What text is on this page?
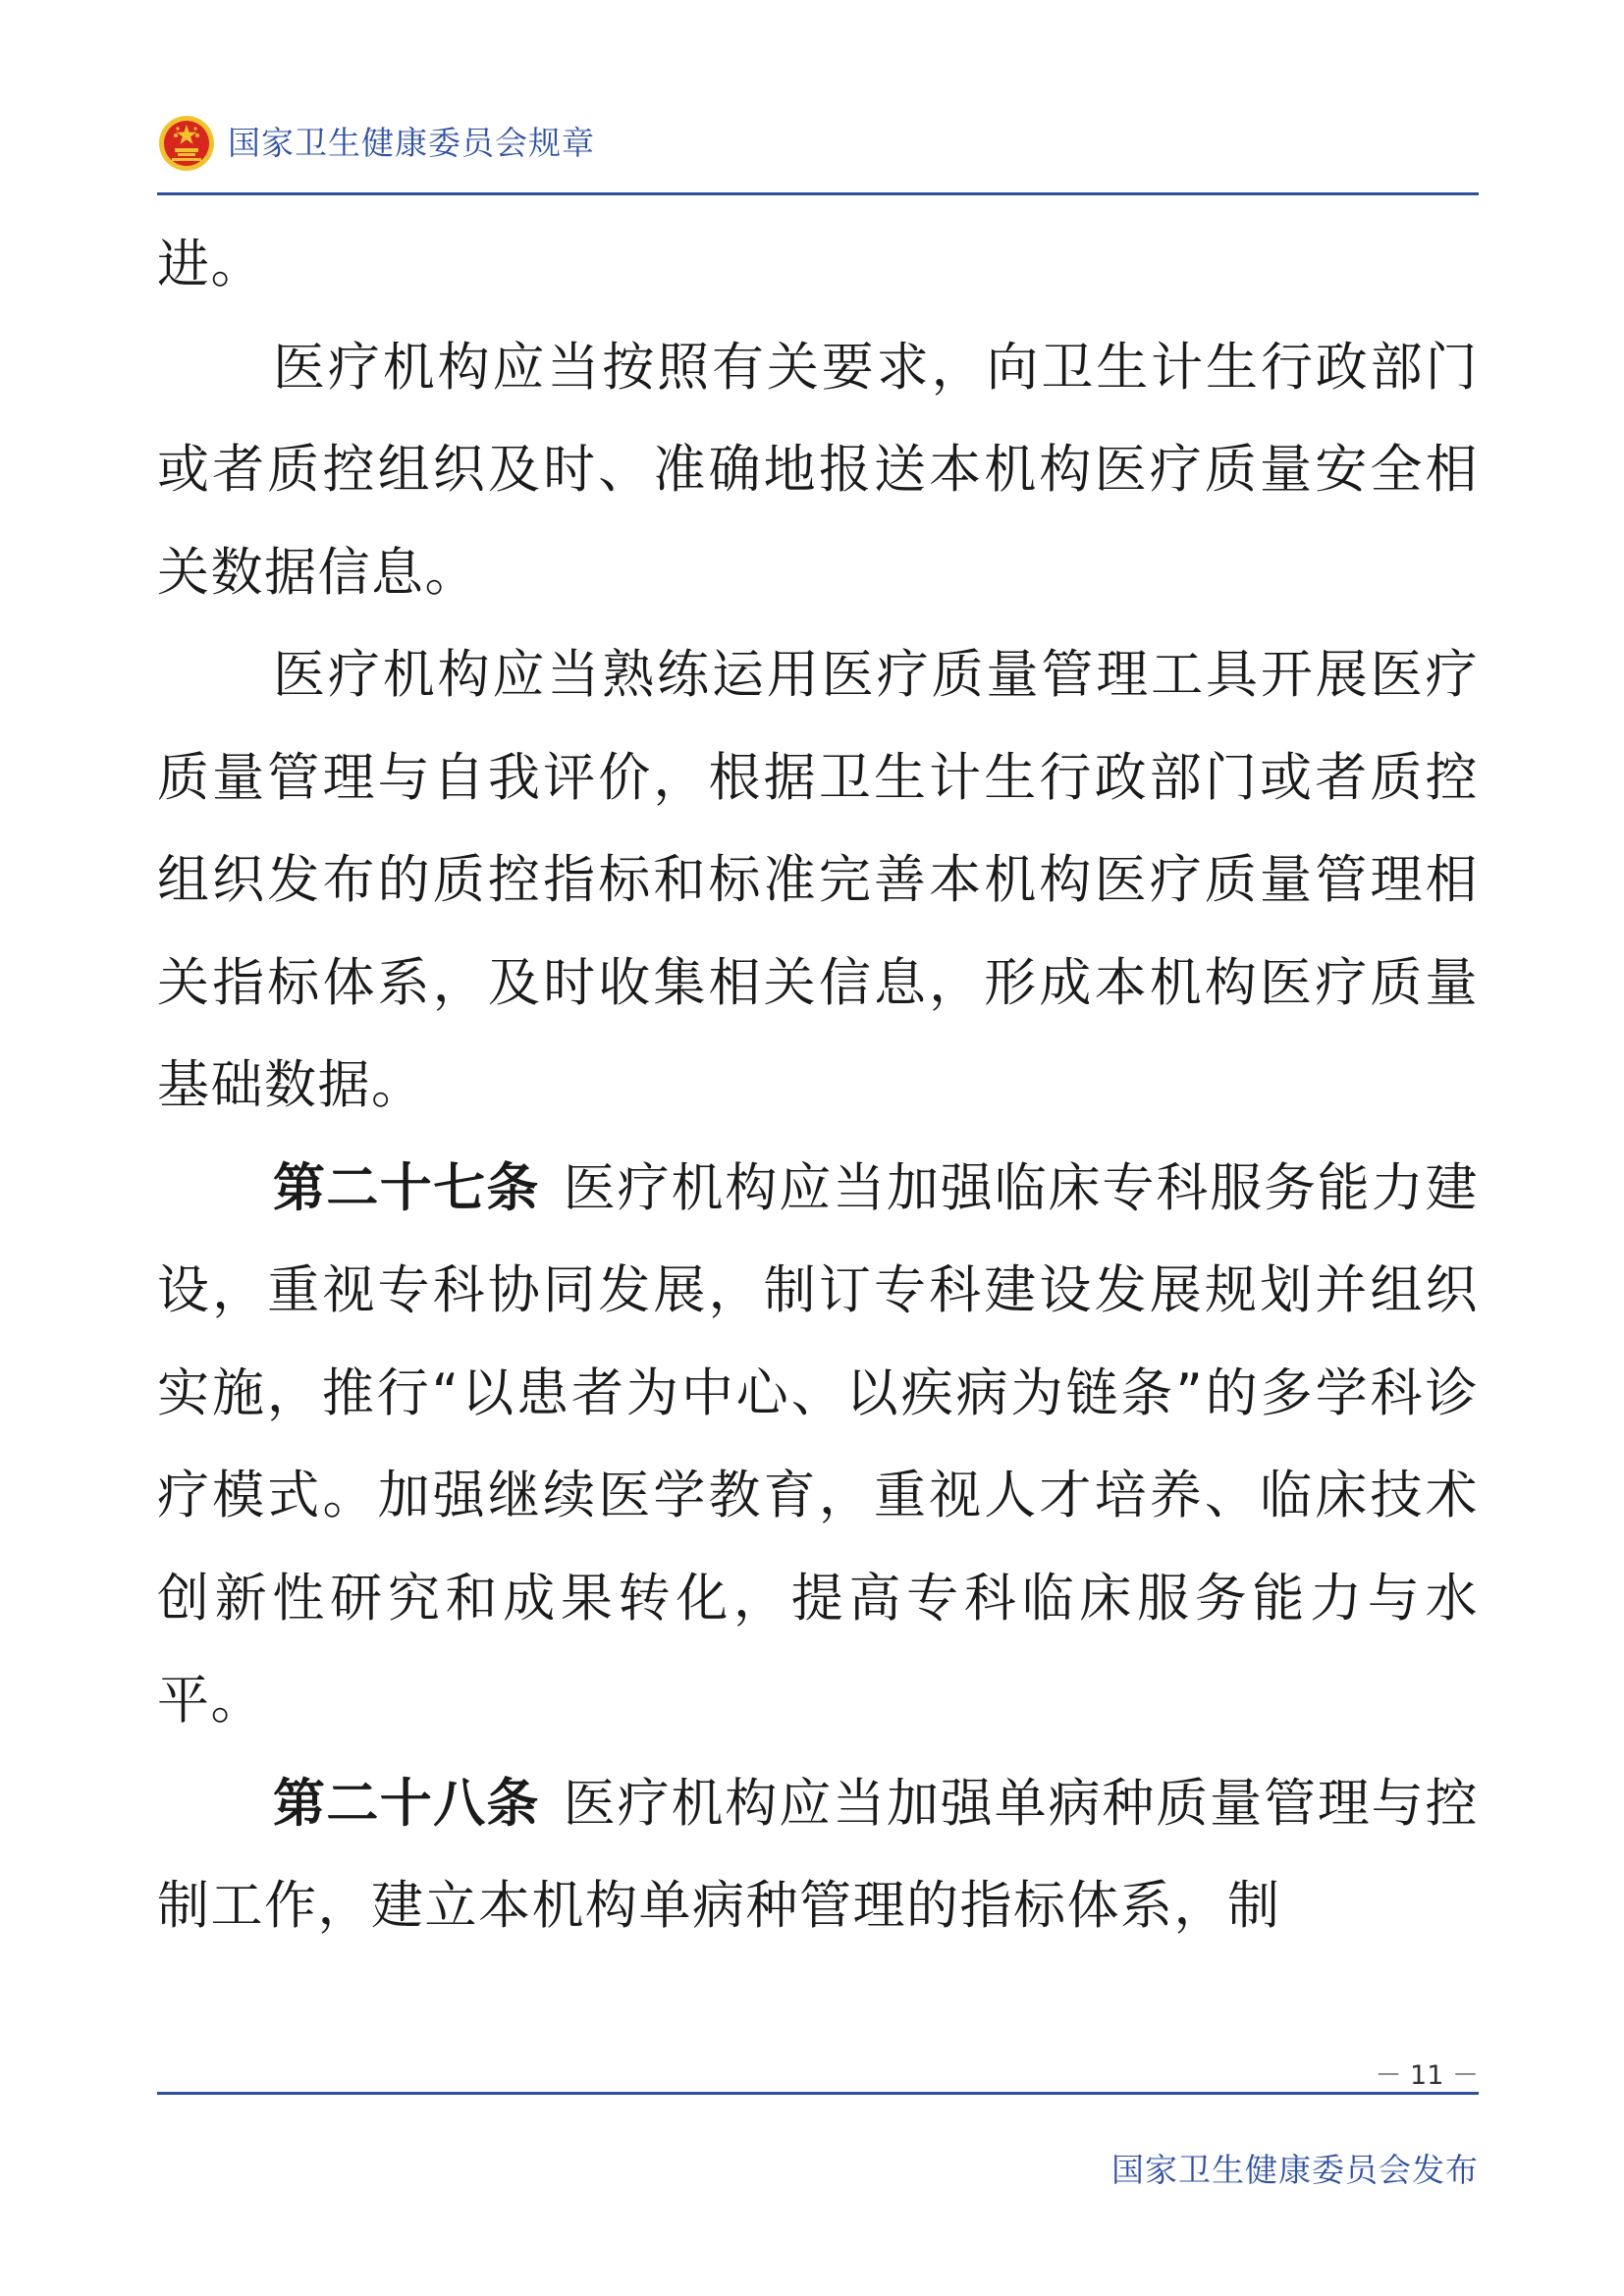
国家卫生健康委员会规章

进。

医疗机构应当按照有关要求，向卫生计生行政部门或者质控组织及时、准确地报送本机构医疗质量安全相关数据信息。

医疗机构应当熟练运用医疗质量管理工具开展医疗质量管理与自我评价，根据卫生计生行政部门或者质控组织发布的质控指标和标准完善本机构医疗质量管理相关指标体系，及时收集相关信息，形成本机构医疗质量基础数据。

第二十七条 医疗机构应当加强临床专科服务能力建设，重视专科协同发展，制订专科建设发展规划并组织实施，推行“以患者为中心、以疾病为链条”的多学科诊疗模式。加强继续医学教育，重视人才培养、临床技术创新性研究和成果转化，提高专科临床服务能力与水平。

第二十八条 医疗机构应当加强单病种质量管理与控制工作，建立本机构单病种管理的指标体系，制

－ 11 －
国家卫生健康委员会发布
